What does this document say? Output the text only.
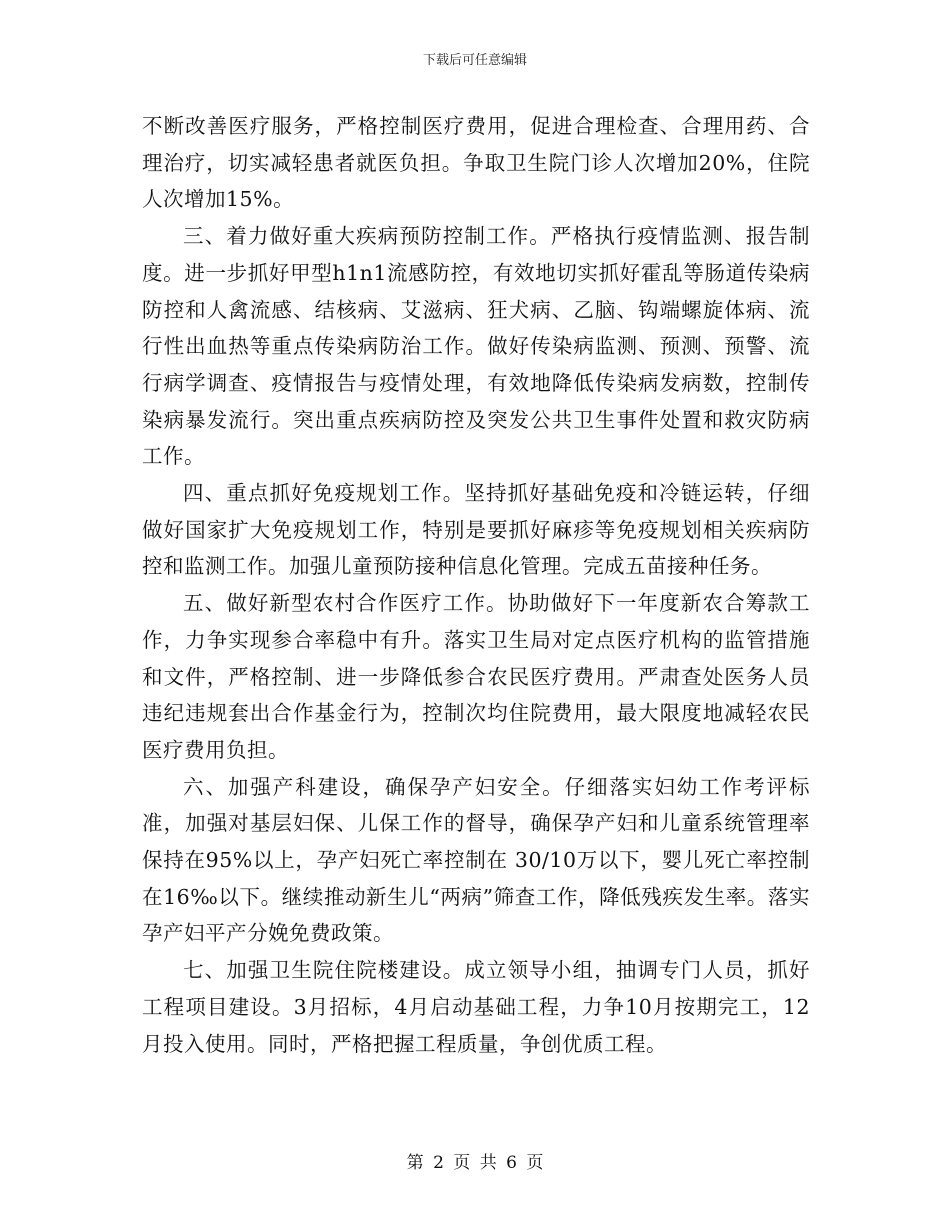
下载后可任意编辑

不断改善医疗服务，严格控制医疗费用，促进合理检查、合理用药、合理治疗，切实减轻患者就医负担。争取卫生院门诊人次增加20%，住院人次增加15%。

三、着力做好重大疾病预防控制工作。严格执行疫情监测、报告制度。进一步抓好甲型h1n1流感防控，有效地切实抓好霍乱等肠道传染病防控和人禽流感、结核病、艾滋病、狂犬病、乙脑、钩端螺旋体病、流行性出血热等重点传染病防治工作。做好传染病监测、预测、预警、流行病学调查、疫情报告与疫情处理，有效地降低传染病发病数，控制传染病暴发流行。突出重点疾病防控及突发公共卫生事件处置和救灾防病工作。

四、重点抓好免疫规划工作。坚持抓好基础免疫和冷链运转，仔细做好国家扩大免疫规划工作，特别是要抓好麻疹等免疫规划相关疾病防控和监测工作。加强儿童预防接种信息化管理。完成五苗接种任务。

五、做好新型农村合作医疗工作。协助做好下一年度新农合筹款工作，力争实现参合率稳中有升。落实卫生局对定点医疗机构的监管措施和文件，严格控制、进一步降低参合农民医疗费用。严肃查处医务人员违纪违规套出合作基金行为，控制次均住院费用，最大限度地减轻农民医疗费用负担。

六、加强产科建设，确保孕产妇安全。仔细落实妇幼工作考评标准，加强对基层妇保、儿保工作的督导，确保孕产妇和儿童系统管理率保持在95%以上，孕产妇死亡率控制在 30/10万以下，婴儿死亡率控制在16‰以下。继续推动新生儿“两病”筛查工作，降低残疾发生率。落实孕产妇平产分娩免费政策。

七、加强卫生院住院楼建设。成立领导小组，抽调专门人员，抓好工程项目建设。3月招标，4月启动基础工程，力争10月按期完工，12月投入使用。同时，严格把握工程质量，争创优质工程。

第 2 页 共 6 页
